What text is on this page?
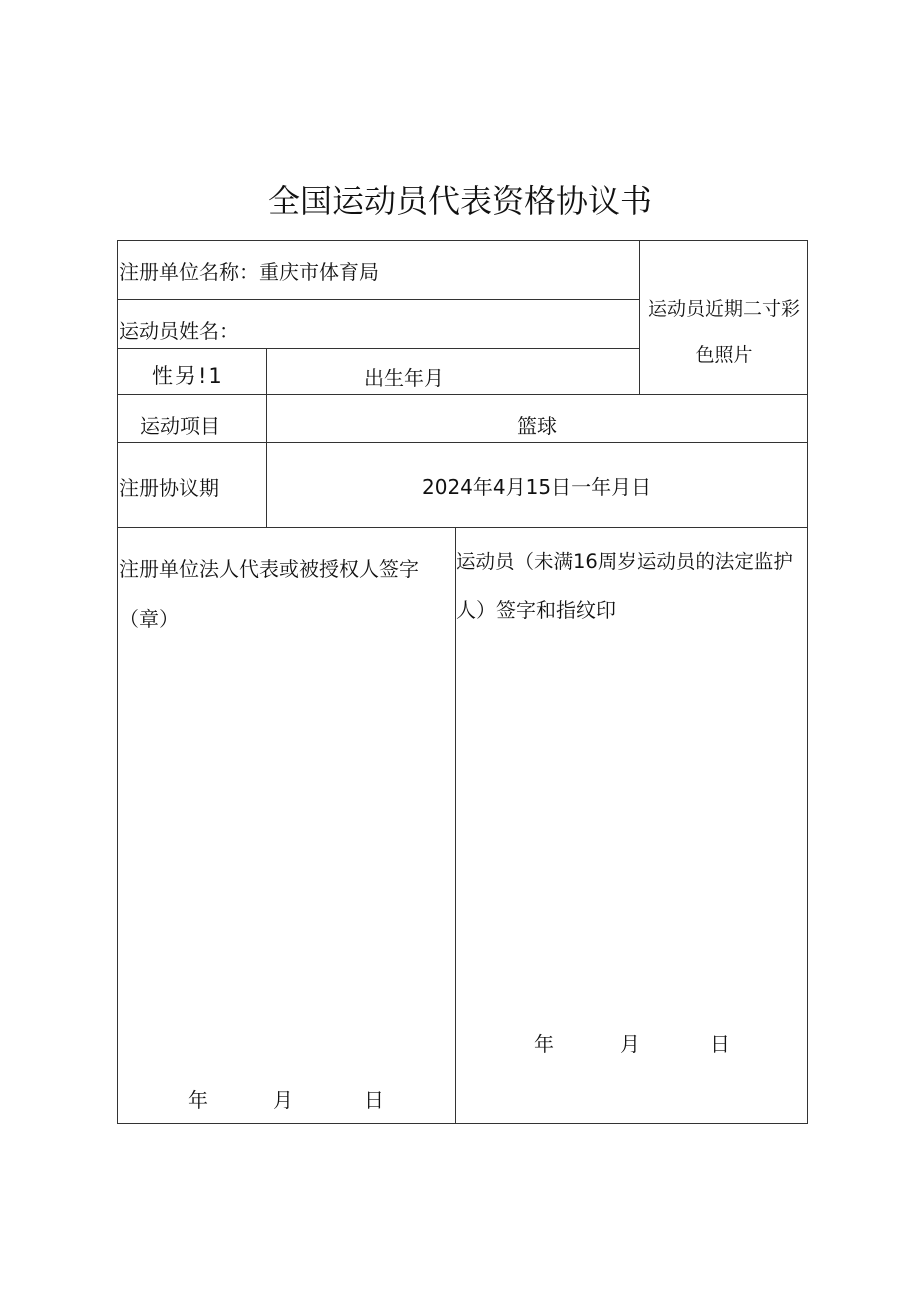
全国运动员代表资格协议书
注册单位名称：重庆市体育局
运动员姓名：
运动员近期二寸彩
色照片
性另!1	出生年月
运动项目	篮球
注册协议期	2024年4月15日一年月日
注册单位法人代表或被授权人签字
（章）
年	月	日
运动员（未满16周岁运动员的法定监护
人）签字和指纹印
年	月	日
